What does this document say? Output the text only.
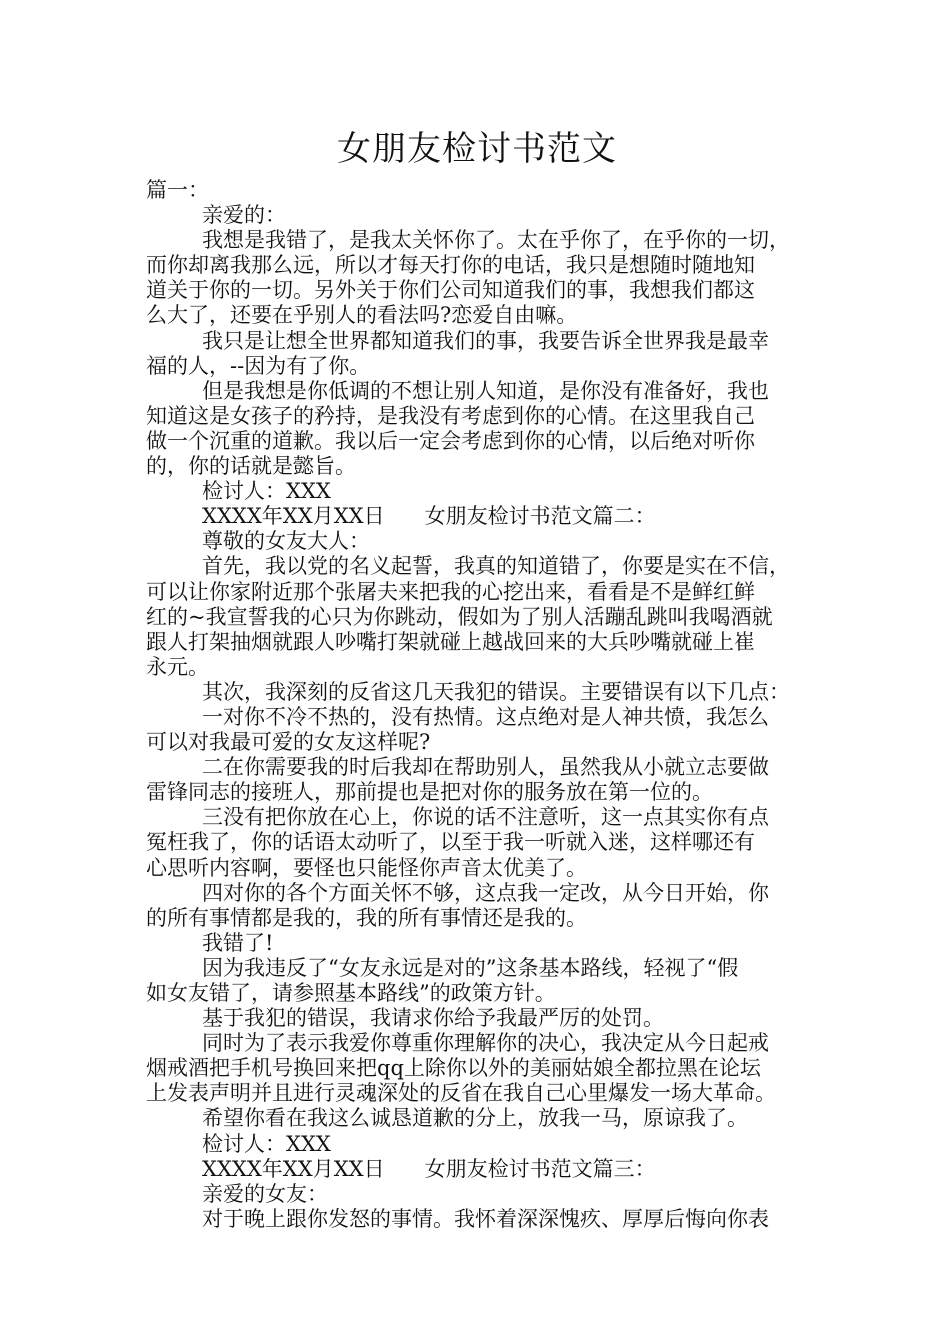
女朋友检讨书范文
篇一：
亲爱的：
我想是我错了，是我太关怀你了。太在乎你了，在乎你的一切，
而你却离我那么远，所以才每天打你的电话，我只是想随时随地知
道关于你的一切。另外关于你们公司知道我们的事，我想我们都这
么大了，还要在乎别人的看法吗?恋爱自由嘛。
我只是让想全世界都知道我们的事，我要告诉全世界我是最幸
福的人，--因为有了你。
但是我想是你低调的不想让别人知道，是你没有准备好，我也
知道这是女孩子的矜持，是我没有考虑到你的心情。在这里我自己
做一个沉重的道歉。我以后一定会考虑到你的心情，以后绝对听你
的，你的话就是懿旨。
检讨人：XXX
XXXX年XX月XX日 女朋友检讨书范文篇二：
尊敬的女友大人：
首先，我以党的名义起誓，我真的知道错了，你要是实在不信，
可以让你家附近那个张屠夫来把我的心挖出来，看看是不是鲜红鲜
红的~我宣誓我的心只为你跳动，假如为了别人活蹦乱跳叫我喝酒就
跟人打架抽烟就跟人吵嘴打架就碰上越战回来的大兵吵嘴就碰上崔
永元。
其次，我深刻的反省这几天我犯的错误。主要错误有以下几点：
一对你不冷不热的，没有热情。这点绝对是人神共愤，我怎么
可以对我最可爱的女友这样呢?
二在你需要我的时后我却在帮助别人，虽然我从小就立志要做
雷锋同志的接班人，那前提也是把对你的服务放在第一位的。
三没有把你放在心上，你说的话不注意听，这一点其实你有点
冤枉我了，你的话语太动听了，以至于我一听就入迷，这样哪还有
心思听内容啊，要怪也只能怪你声音太优美了。
四对你的各个方面关怀不够，这点我一定改，从今日开始，你
的所有事情都是我的，我的所有事情还是我的。
我错了!
因为我违反了“女友永远是对的”这条基本路线，轻视了“假
如女友错了，请参照基本路线”的政策方针。
基于我犯的错误，我请求你给予我最严厉的处罚。
同时为了表示我爱你尊重你理解你的决心，我决定从今日起戒
烟戒酒把手机号换回来把qq上除你以外的美丽姑娘全都拉黑在论坛
上发表声明并且进行灵魂深处的反省在我自己心里爆发一场大革命。
希望你看在我这么诚恳道歉的分上，放我一马，原谅我了。
检讨人：XXX
XXXX年XX月XX日 女朋友检讨书范文篇三：
亲爱的女友：
对于晚上跟你发怒的事情。我怀着深深愧疚、厚厚后悔向你表
